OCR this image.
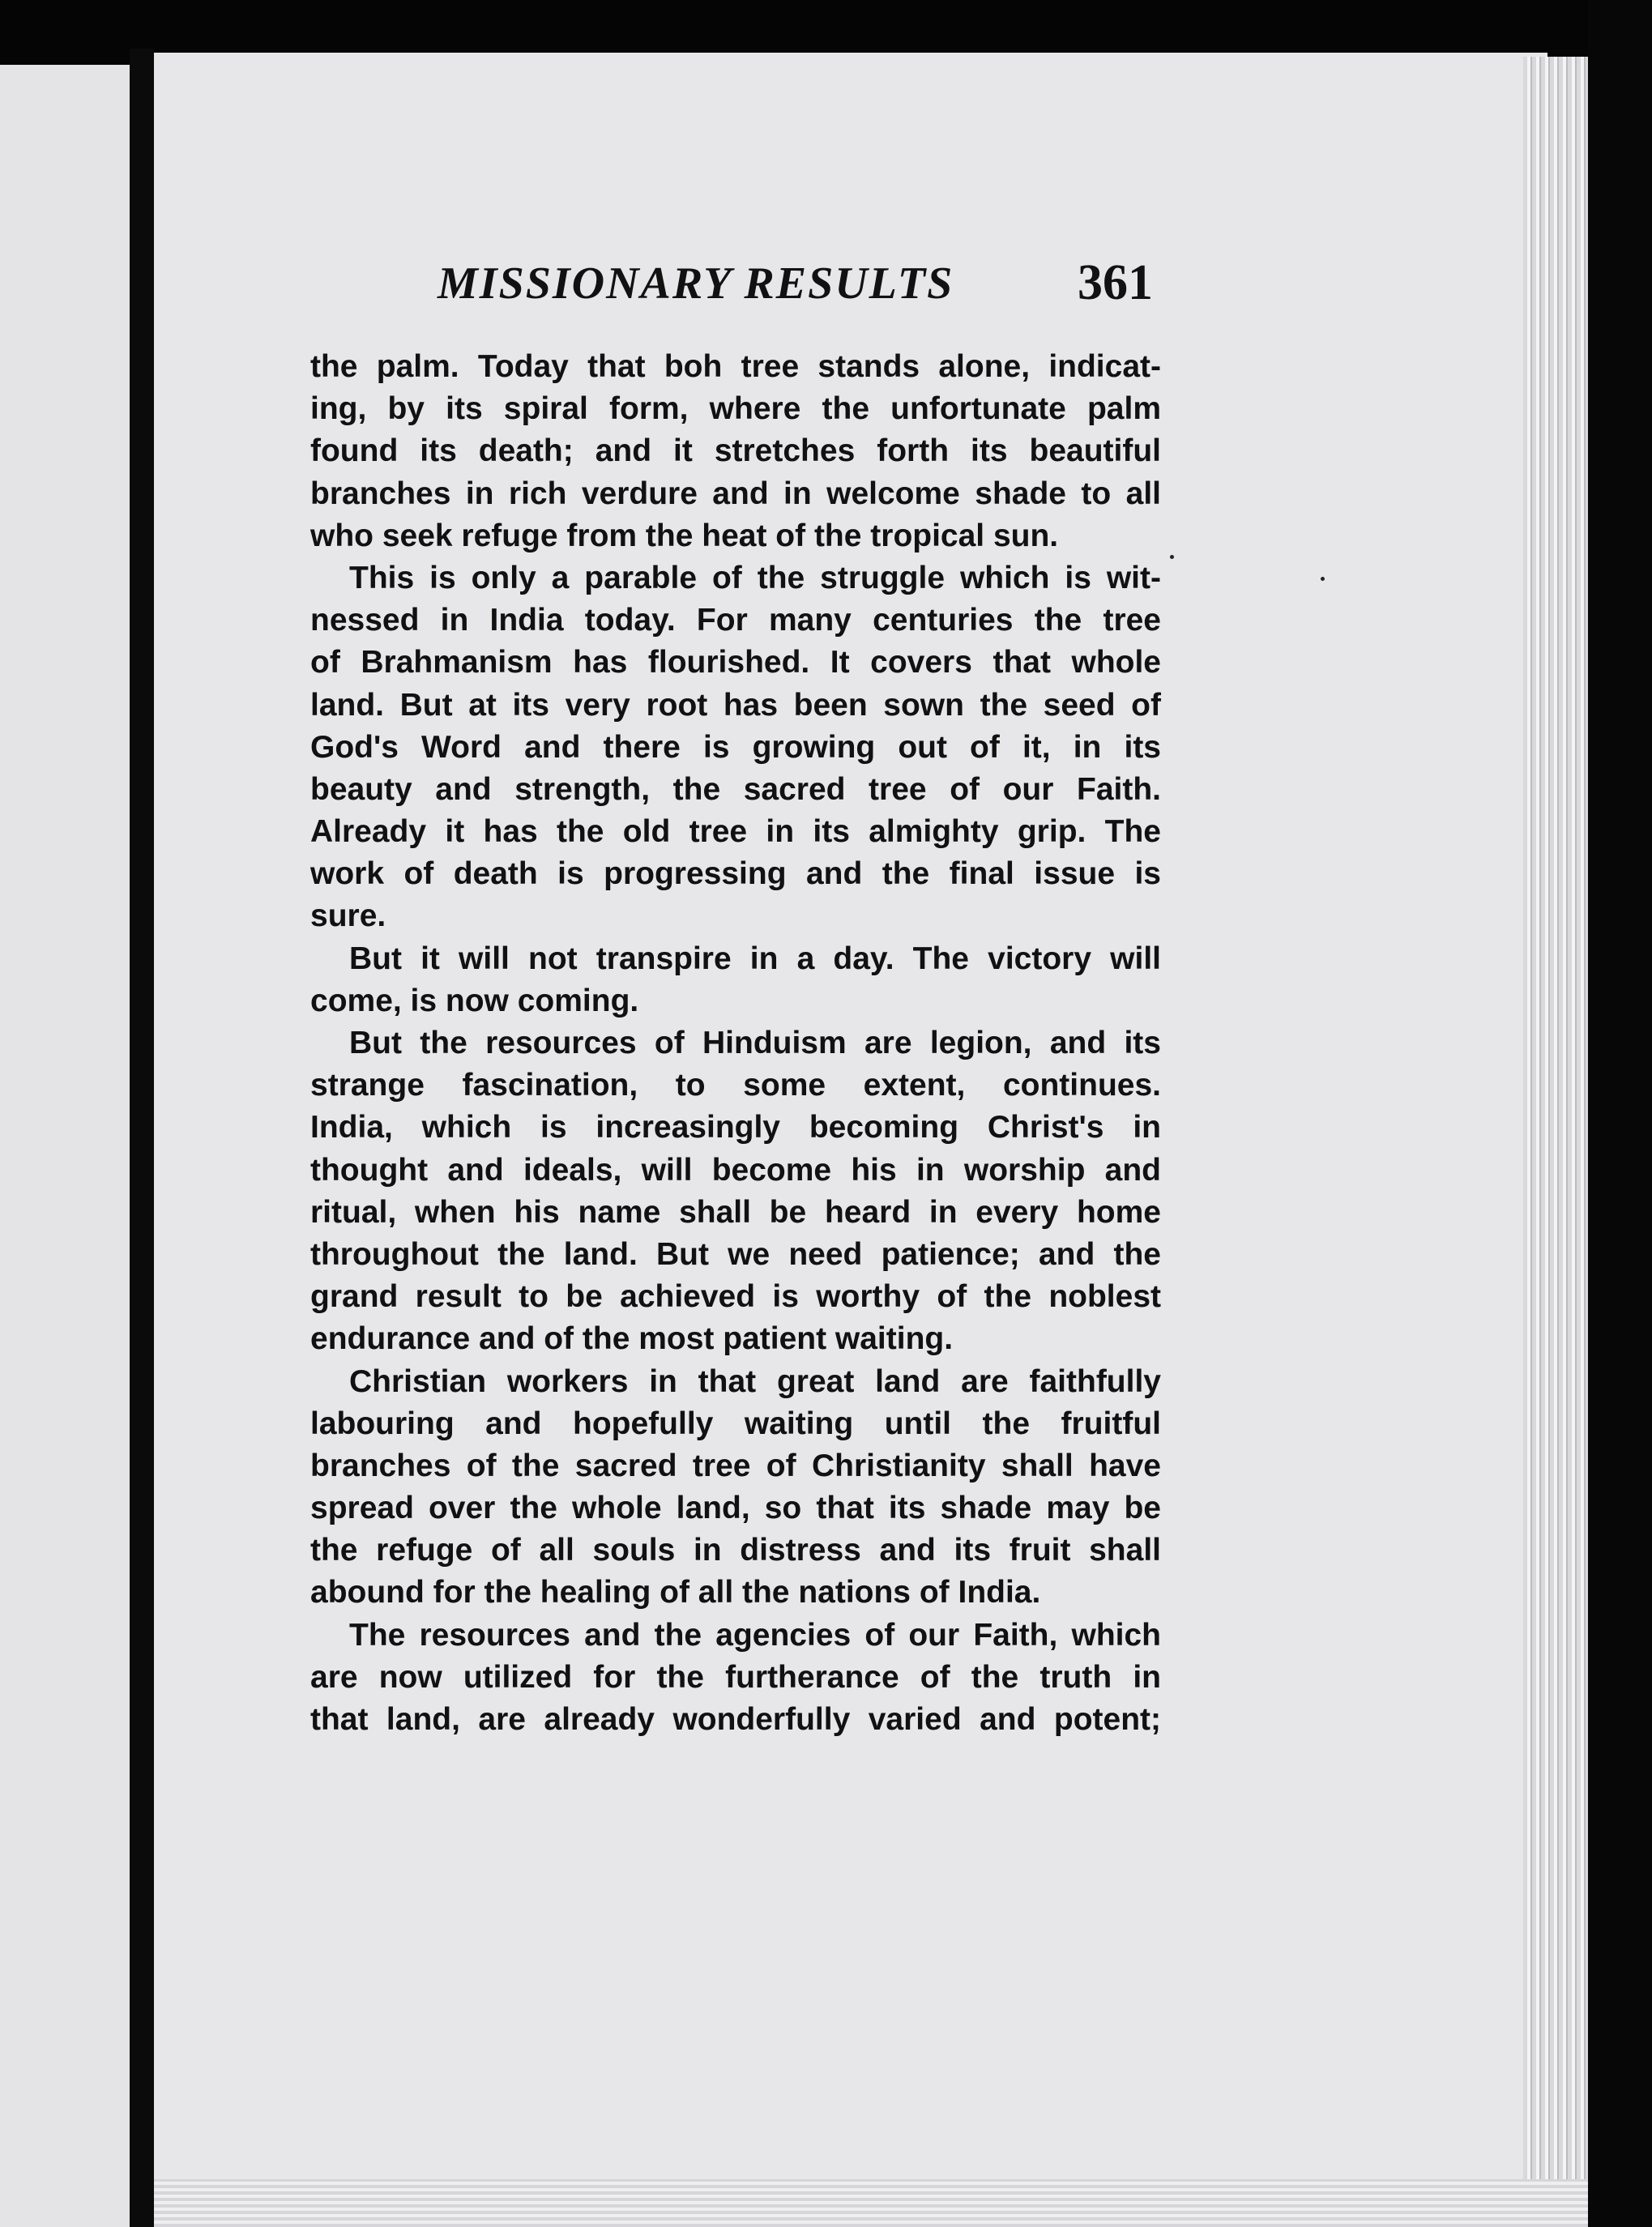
MISSIONARY RESULTS 361
the palm. Today that boh tree stands alone, indicat-
ing, by its spiral form, where the unfortunate palm
found its death; and it stretches forth its beautiful
branches in rich verdure and in welcome shade to all
who seek refuge from the heat of the tropical sun.
This is only a parable of the struggle which is wit-
nessed in India today. For many centuries the tree
of Brahmanism has flourished. It covers that whole
land. But at its very root has been sown the seed of
God's Word and there is growing out of it, in its
beauty and strength, the sacred tree of our Faith.
Already it has the old tree in its almighty grip. The
work of death is progressing and the final issue is
sure.
But it will not transpire in a day. The victory will
come, is now coming.
But the resources of Hinduism are legion, and its
strange fascination, to some extent, continues.
India, which is increasingly becoming Christ's in
thought and ideals, will become his in worship and
ritual, when his name shall be heard in every home
throughout the land. But we need patience; and the
grand result to be achieved is worthy of the noblest
endurance and of the most patient waiting.
Christian workers in that great land are faithfully
labouring and hopefully waiting until the fruitful
branches of the sacred tree of Christianity shall have
spread over the whole land, so that its shade may be
the refuge of all souls in distress and its fruit shall
abound for the healing of all the nations of India.
The resources and the agencies of our Faith, which
are now utilized for the furtherance of the truth in
that land, are already wonderfully varied and potent;
